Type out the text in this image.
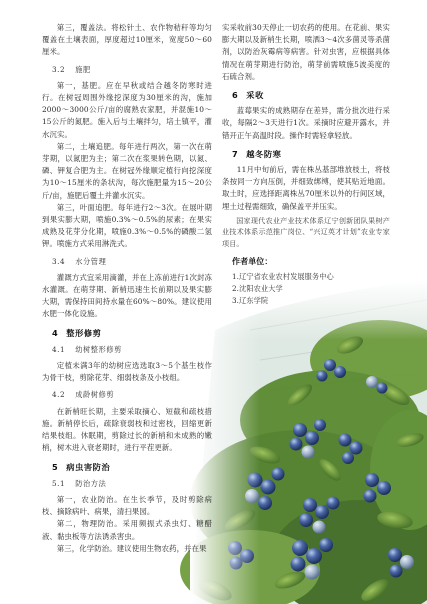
第三，覆盖法。将松针土、农作物秸秆等均匀覆盖在土壤表面，厚度超过10厘米，宽度50～60厘米。

3.2 施肥

第一，基肥。应在早秋或结合越冬防寒时进行。在树冠周围外缘挖深度为30厘米的沟，施加2000～3000公斤/亩的腐熟农家肥，并混施10～15公斤的氮肥。施入后与土壤拌匀，培土镇平，灌水沉实。

第二，土壤追肥。每年进行两次，第一次在萌芽期，以氮肥为主；第二次在浆果转色期，以氮、磷、钾复合肥为主。在树冠外缘顺定植行向挖深度为10～15厘米的条状沟，每次施肥量为15～20公斤/亩，施肥后覆土并灌水沉实。

第三，叶面追肥。每年进行2～3次。在展叶期到果实膨大期，喷施0.3%～0.5%的尿素；在果实成熟及花芽分化期，喷施0.3%～0.5%的磷酸二氢钾。喷施方式采用淋洗式。

3.4 水分管理

灌溉方式宜采用滴灌，并在上冻前进行1次封冻水灌溉。在萌芽期、新梢迅速生长前期以及果实膨大期，需保持田间持水量在60%～80%。建议使用水肥一体化设施。

4 整形修剪
4.1 幼树整形修剪

定植未满3年的幼树应选选取3～5个基生枝作为骨干枝，剪除花芽、细弱枝条及小枝组。

4.2 成龄树修剪

在新梢旺长期，主要采取摘心、短截和疏枝措施。新梢停长后，疏除衰弱枝和过密枝，回缩更新结果枝组。休眠期，剪除过长的新梢和未成熟的嫩梢，树木进入衰老期时，进行平茬更新。

5 病虫害防治
5.1 防治方法

第一，农业防治。在生长季节，及时剪除病枝、摘除病叶、病果，清扫果园。

第二，物理防治。采用频振式杀虫灯、糖醋液、黏虫板等方法诱杀害虫。

第三，化学防治。建议使用生物农药，并在果

实采收前30天停止一切农药的使用。在花前、果实膨大期以及新梢生长期，喷洒3～4次多菌灵等杀菌剂，以防治灰霉病等病害。针对虫害，应根据具体情况在萌芽期进行防治，萌芽前需喷施5波美度的石硫合剂。

6 采收

蓝莓果实的成熟期存在差异，需分批次进行采收，每隔2～3天进行1次。采摘时应避开露水，并错开正午高温时段。操作时需轻拿轻放。

7 越冬防寒

11月中旬前后，需在株丛基部堆放枝土，将枝条按同一方向压倒，并细致绑缚，使其贴近地面。取土时，应选择距离株丛70厘米以外的行间区域，埋土过程需细致，确保盖平并压实。

国家现代农业产业技术体系辽宁创新团队果树产业技术体系示范推广岗位、“兴辽英才计划”农业专家项目。

作者单位：
1.辽宁省农业农村发展服务中心
2.沈阳农业大学
3.辽东学院
